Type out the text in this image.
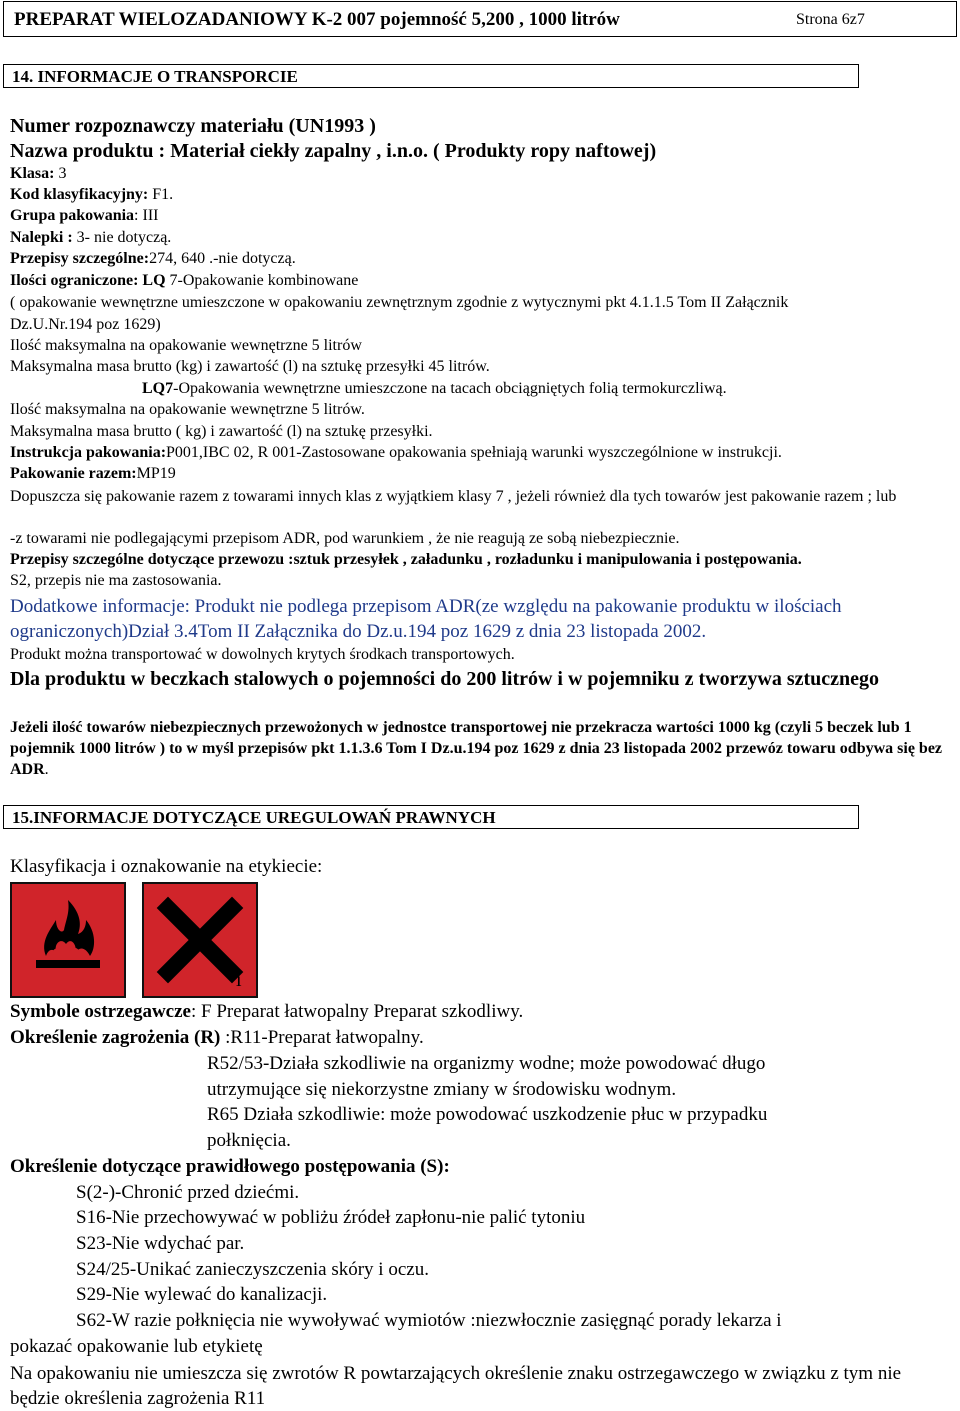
PREPARAT WIELOZADANIOWY K-2 007 pojemność 5,200 , 1000 litrów	Strona 6z7
14. INFORMACJE O TRANSPORCIE
Numer rozpoznawczy materiału (UN1993 )
Nazwa produktu : Materiał ciekły zapalny , i.n.o. ( Produkty ropy naftowej)
Klasa: 3
Kod klasyfikacyjny: F1.
Grupa pakowania: III
Nalepki : 3- nie dotyczą.
Przepisy szczególne:274, 640 .-nie dotyczą.
Ilości ograniczone: LQ 7-Opakowanie kombinowane
( opakowanie wewnętrzne umieszczone w opakowaniu zewnętrznym zgodnie z wytycznymi pkt 4.1.1.5 Tom II Załącznik
Dz.U.Nr.194 poz 1629)
Ilość maksymalna na opakowanie wewnętrzne 5 litrów
Maksymalna masa brutto (kg) i zawartość (l) na sztukę przesyłki 45 litrów.
LQ7-Opakowania wewnętrzne umieszczone na tacach obciągniętych folią termokurczliwą.
Ilość maksymalna na opakowanie wewnętrzne 5 litrów.
Maksymalna masa brutto ( kg) i zawartość (l) na sztukę przesyłki.
Instrukcja pakowania:P001,IBC 02, R 001-Zastosowane opakowania spełniają warunki wyszczególnione w instrukcji.
Pakowanie razem:MP19
Dopuszcza się pakowanie razem z towarami innych klas z wyjątkiem klasy 7 , jeżeli również dla tych towarów jest pakowanie razem ; lub
-z towarami nie podlegającymi przepisom ADR, pod warunkiem , że nie reagują ze sobą niebezpiecznie.
Przepisy szczególne dotyczące przewozu :sztuk przesyłek , załadunku , rozładunku i manipulowania i postępowania.
S2, przepis nie ma zastosowania.
Dodatkowe informacje: Produkt nie podlega przepisom ADR(ze względu na pakowanie produktu w ilościach ograniczonych)Dział 3.4Tom II Załącznika do Dz.u.194 poz 1629 z dnia 23 listopada 2002.
Produkt można transportować w dowolnych krytych środkach transportowych.
Dla produktu w beczkach stalowych o pojemności do 200 litrów i w pojemniku z tworzywa sztucznego
Jeżeli ilość towarów niebezpiecznych przewożonych w jednostce transportowej nie przekracza wartości 1000 kg (czyli 5 beczek lub 1 pojemnik 1000 litrów ) to w myśl przepisów pkt 1.1.3.6 Tom I Dz.u.194 poz 1629 z dnia 23 listopada 2002 przewóz towaru odbywa się bez ADR.
15.INFORMACJE DOTYCZĄCE UREGULOWAŃ PRAWNYCH
Klasyfikacja i oznakowanie na etykiecie:
i
Symbole ostrzegawcze: F Preparat łatwopalny Preparat szkodliwy.
Określenie zagrożenia (R) :R11-Preparat łatwopalny.
R52/53-Działa szkodliwie na organizmy wodne; może powodować długo
utrzymujące się niekorzystne zmiany w środowisku wodnym.
R65 Działa szkodliwie: może powodować uszkodzenie płuc w przypadku
połknięcia.
Określenie dotyczące prawidłowego postępowania (S):
S(2-)-Chronić przed dziećmi.
S16-Nie przechowywać w pobliżu źródeł zapłonu-nie palić tytoniu
S23-Nie wdychać par.
S24/25-Unikać zanieczyszczenia skóry i oczu.
S29-Nie wylewać do kanalizacji.
S62-W razie połknięcia nie wywoływać wymiotów :niezwłocznie zasięgnąć porady lekarza i
pokazać opakowanie lub etykietę
Na opakowaniu nie umieszcza się zwrotów R powtarzających określenie znaku ostrzegawczego w związku z tym nie będzie określenia zagrożenia R11
